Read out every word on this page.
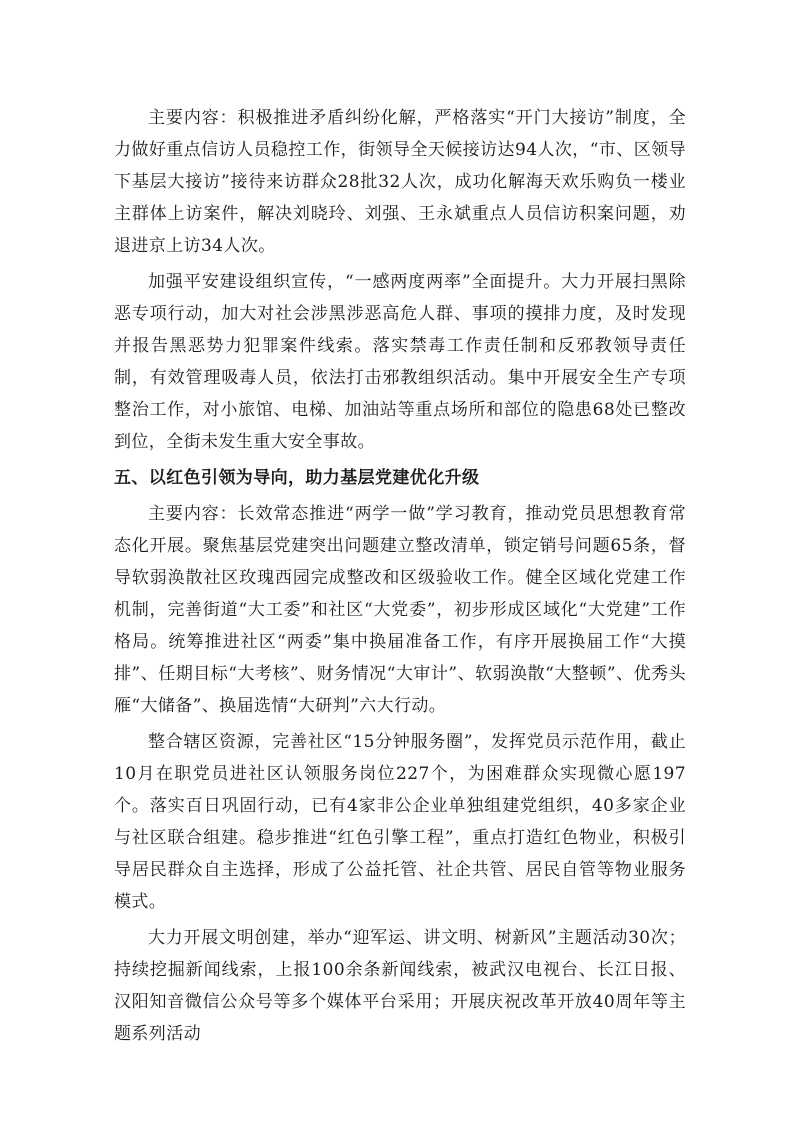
主要内容：积极推进矛盾纠纷化解，严格落实“开门大接访”制度，全力做好重点信访人员稳控工作，街领导全天候接访达94人次，“市、区领导下基层大接访”接待来访群众28批32人次，成功化解海天欢乐购负一楼业主群体上访案件，解决刘晓玲、刘强、王永斌重点人员信访积案问题，劝退进京上访34人次。

加强平安建设组织宣传，“一感两度两率”全面提升。大力开展扫黑除恶专项行动，加大对社会涉黑涉恶高危人群、事项的摸排力度，及时发现并报告黑恶势力犯罪案件线索。落实禁毒工作责任制和反邪教领导责任制，有效管理吸毒人员，依法打击邪教组织活动。集中开展安全生产专项整治工作，对小旅馆、电梯、加油站等重点场所和部位的隐患68处已整改到位，全街未发生重大安全事故。

五、以红色引领为导向，助力基层党建优化升级

主要内容：长效常态推进“两学一做”学习教育，推动党员思想教育常态化开展。聚焦基层党建突出问题建立整改清单，锁定销号问题65条，督导软弱涣散社区玫瑰西园完成整改和区级验收工作。健全区域化党建工作机制，完善街道“大工委”和社区“大党委”，初步形成区域化“大党建”工作格局。统筹推进社区“两委”集中换届准备工作，有序开展换届工作“大摸排”、任期目标“大考核”、财务情况“大审计”、软弱涣散“大整顿”、优秀头雁“大储备”、换届选情“大研判”六大行动。

整合辖区资源，完善社区“15分钟服务圈”，发挥党员示范作用，截止10月在职党员进社区认领服务岗位227个，为困难群众实现微心愿197个。落实百日巩固行动，已有4家非公企业单独组建党组织，40多家企业与社区联合组建。稳步推进“红色引擎工程”，重点打造红色物业，积极引导居民群众自主选择，形成了公益托管、社企共管、居民自管等物业服务模式。

大力开展文明创建，举办“迎军运、讲文明、树新风”主题活动30次；持续挖掘新闻线索，上报100余条新闻线索，被武汉电视台、长江日报、汉阳知音微信公众号等多个媒体平台采用；开展庆祝改革开放40周年等主题系列活动
